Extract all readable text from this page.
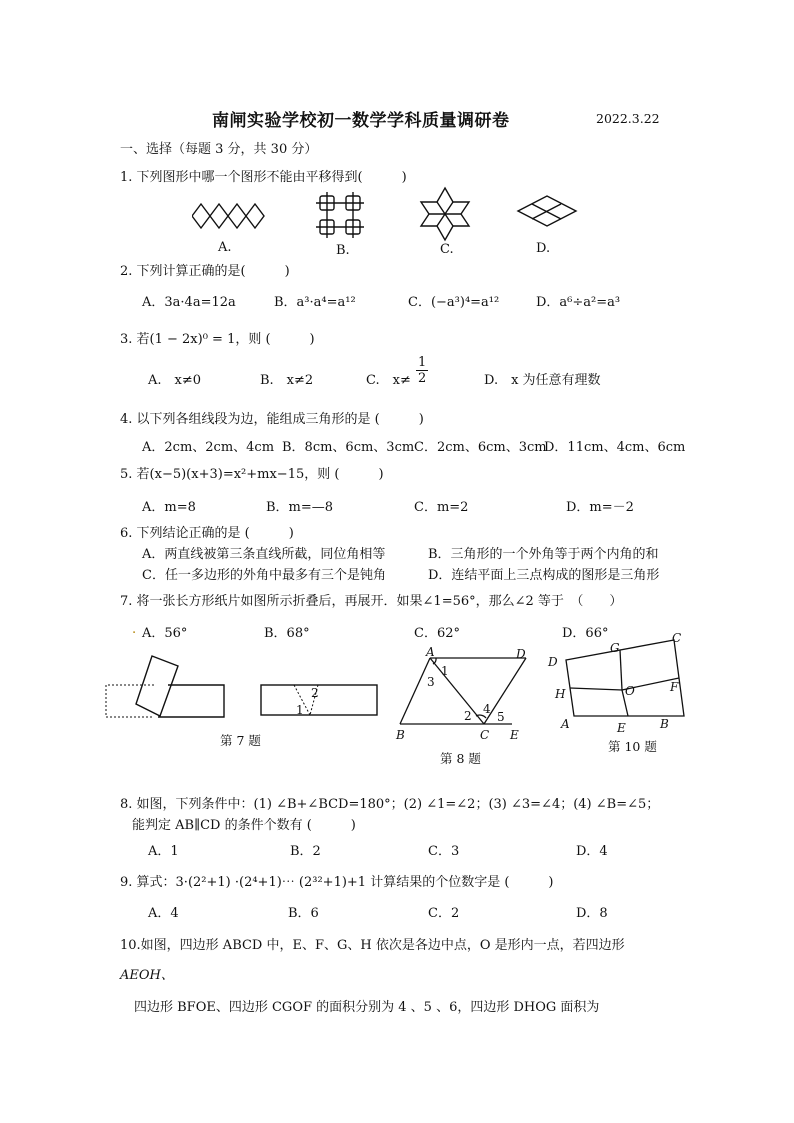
南闸实验学校初一数学学科质量调研卷	2022.3.22
一、选择（每题 3 分，共 30 分）
1. 下列图形中哪一个图形不能由平移得到(　　　)
A.	B.	C.	D.
2. 下列计算正确的是(　　　)
A．3a·4a=12a	B．a³·a⁴=a¹²	C．(−a³)⁴=a¹²	D．a⁶÷a²=a³
3. 若(1 − 2x)⁰ = 1，则 (　　　)
A.　x≠0	B.　x≠2	C.　$x\ne \frac{1}{2}$	D.　x 为任意有理数
4. 以下列各组线段为边，能组成三角形的是 (　　　)
A．2cm、2cm、4cm B．8cm、6cm、3cm C．2cm、6cm、3cm
D．11cm、4cm、6cm
5. 若(x−5)(x+3)=x²+mx−15，则 (　　　)
A．m=8	B．m=—8	C．m=2	D．m=－2
6. 下列结论正确的是 (　　　)
A．两直线被第三条直线所截，同位角相等	B．三角形的一个外角等于两个内角的和
C．任一多边形的外角中最多有三个是钝角	D．连结平面上三点构成的图形是三角形
7. 将一张长方形纸片如图所示折叠后，再展开．如果∠1=56°，那么∠2 等于　（　　）
. A．56°	B．68°	C．62°	D．66°
2
1
第 7 题
A	D
B	C E
1
3
2 4
5
第 8 题
D
G
C
H	O	F
A	E	B
第 10 题
8. 如图，下列条件中：(1) ∠B+∠BCD=180°；(2) ∠1=∠2；(3) ∠3=∠4；(4) ∠B=∠5；
能判定 AB∥CD 的条件个数有 (　　　)
A．1	B．2	C．3	D．4
9. 算式：3·(2²+1) ·(2⁴+1)⋯ (2³²+1)+1 计算结果的个位数字是 (　　　)
A．4	B．6	C．2	D．8
10.如图，四边形 ABCD 中，E、F、G、H 依次是各边中点，O 是形内一点，若四边形
AEOH、
四边形 BFOE、四边形 CGOF 的面积分别为 4 、5 、6，四边形 DHOG 面积为
